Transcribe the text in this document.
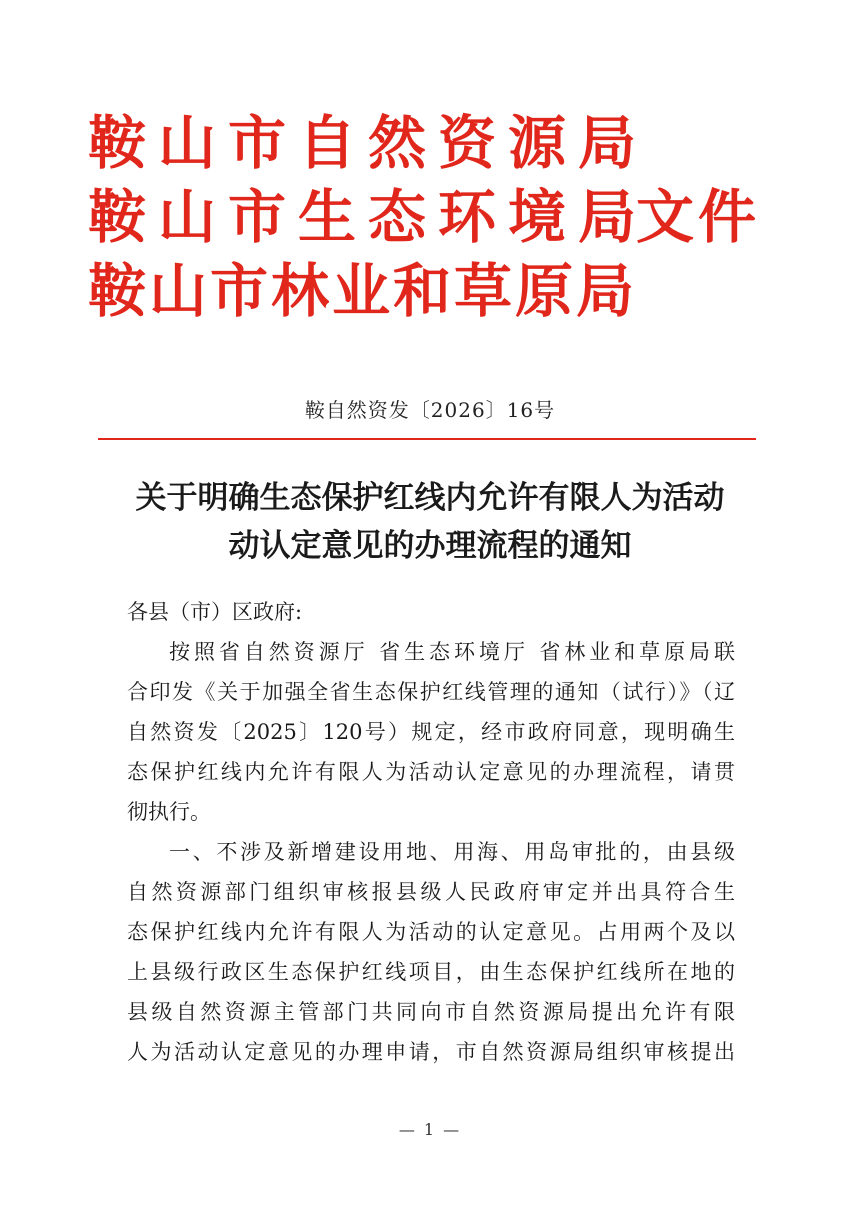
鞍山市自然资源局
鞍山市生态环境局
鞍山市林业和草原局
文件
鞍自然资发〔2026〕16号
关于明确生态保护红线内允许有限人为活动
动认定意见的办理流程的通知
各县（市）区政府:
按照省自然资源厅 省生态环境厅 省林业和草原局联
合印发《关于加强全省生态保护红线管理的通知（试行）》（辽
自然资发〔2025〕120号）规定，经市政府同意，现明确生
态保护红线内允许有限人为活动认定意见的办理流程，请贯
彻执行。
一、不涉及新增建设用地、用海、用岛审批的，由县级
自然资源部门组织审核报县级人民政府审定并出具符合生
态保护红线内允许有限人为活动的认定意见。占用两个及以
上县级行政区生态保护红线项目，由生态保护红线所在地的
县级自然资源主管部门共同向市自然资源局提出允许有限
人为活动认定意见的办理申请，市自然资源局组织审核提出
— 1 —
